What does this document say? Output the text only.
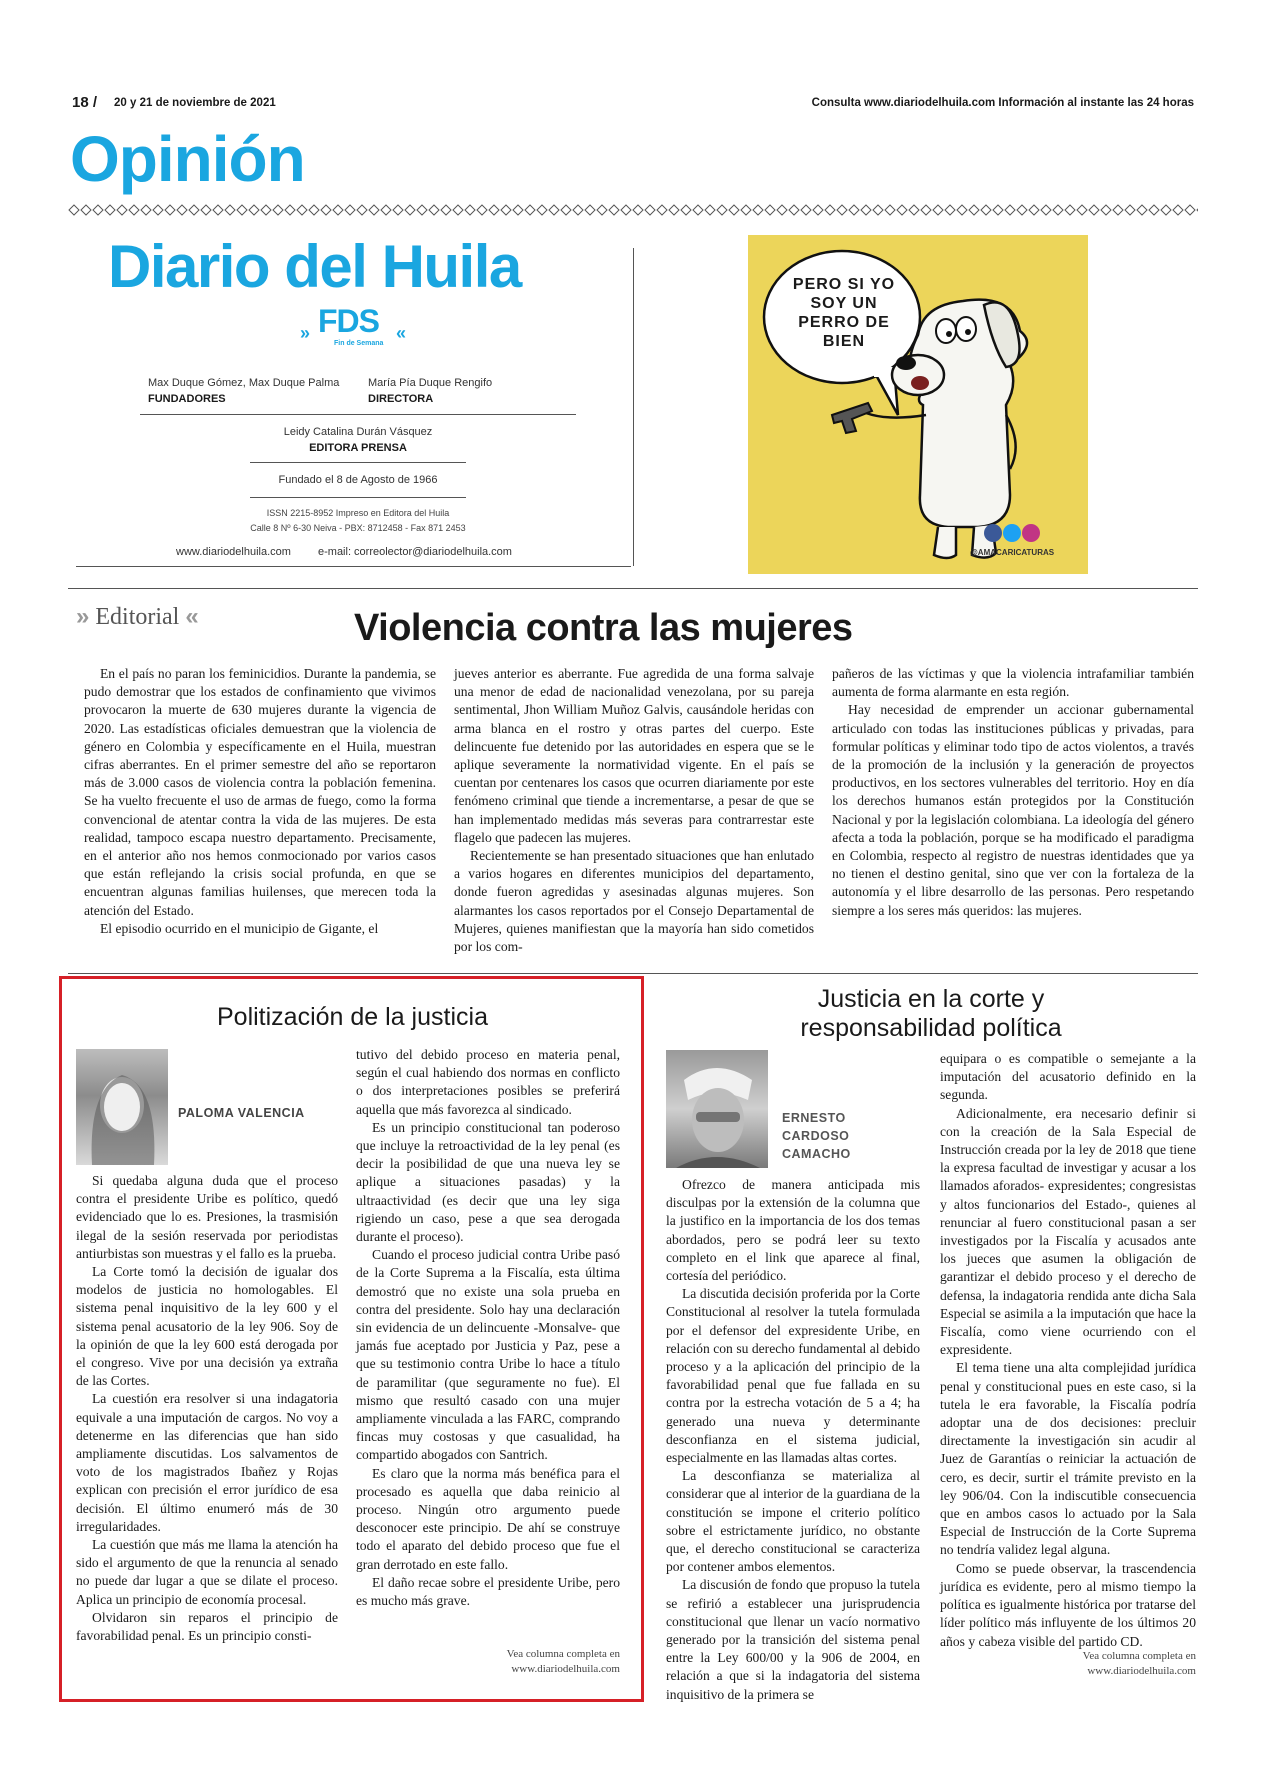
18 / 20 y 21 de noviembre de 2021	Consulta www.diariodelhuila.com Información al instante las 24 horas
Opinión
Diario del Huila
» FDS
Fin de Semana
«
Max Duque Gómez, Max Duque Palma
FUNDADORES
María Pía Duque Rengifo
DIRECTORA
Leidy Catalina Durán Vásquez
EDITORA PRENSA
Fundado el 8 de Agosto de 1966
ISSN 2215-8952 Impreso en Editora del Huila
Calle 8 Nº 6-30 Neiva - PBX: 8712458 - Fax 871 2453
www.diariodelhuila.com e-mail: correolector@diariodelhuila.com
PERO SI YO SOY UN PERRO DE BIEN
@AMACARICATURAS
» Editorial «	Violencia contra las mujeres

En el país no paran los feminicidios. Durante la pandemia, se pudo demostrar que los estados de confinamiento que vivimos provocaron la muerte de 630 mujeres durante la vigencia de 2020. Las estadísticas oficiales demuestran que la violencia de género en Colombia y específicamente en el Huila, muestran cifras aberrantes. En el primer semestre del año se reportaron más de 3.000 casos de violencia contra la población femenina. Se ha vuelto frecuente el uso de armas de fuego, como la forma convencional de atentar contra la vida de las mujeres. De esta realidad, tampoco escapa nuestro departamento. Precisamente, en el anterior año nos hemos conmocionado por varios casos que están reflejando la crisis social profunda, en que se encuentran algunas familias huilenses, que merecen toda la atención del Estado.

El episodio ocurrido en el municipio de Gigante, el

jueves anterior es aberrante. Fue agredida de una forma salvaje una menor de edad de nacionalidad venezolana, por su pareja sentimental, Jhon William Muñoz Galvis, causándole heridas con arma blanca en el rostro y otras partes del cuerpo. Este delincuente fue detenido por las autoridades en espera que se le aplique severamente la normatividad vigente. En el país se cuentan por centenares los casos que ocurren diariamente por este fenómeno criminal que tiende a incrementarse, a pesar de que se han implementado medidas más severas para contrarrestar este flagelo que padecen las mujeres.

Recientemente se han presentado situaciones que han enlutado a varios hogares en diferentes municipios del departamento, donde fueron agredidas y asesinadas algunas mujeres. Son alarmantes los casos reportados por el Consejo Departamental de Mujeres, quienes manifiestan que la mayoría han sido cometidos por los com-

pañeros de las víctimas y que la violencia intrafamiliar también aumenta de forma alarmante en esta región.

Hay necesidad de emprender un accionar gubernamental articulado con todas las instituciones públicas y privadas, para formular políticas y eliminar todo tipo de actos violentos, a través de la promoción de la inclusión y la generación de proyectos productivos, en los sectores vulnerables del territorio. Hoy en día los derechos humanos están protegidos por la Constitución Nacional y por la legislación colombiana. La ideología del género afecta a toda la población, porque se ha modificado el paradigma en Colombia, respecto al registro de nuestras identidades que ya no tienen el destino genital, sino que ver con la fortaleza de la autonomía y el libre desarrollo de las personas. Pero respetando siempre a los seres más queridos: las mujeres.

Politización de la justicia
PALOMA VALENCIA

Si quedaba alguna duda que el proceso contra el presidente Uribe es político, quedó evidenciado que lo es. Presiones, la trasmisión ilegal de la sesión reservada por periodistas antiurbistas son muestras y el fallo es la prueba.

La Corte tomó la decisión de igualar dos modelos de justicia no homologables. El sistema penal inquisitivo de la ley 600 y el sistema penal acusatorio de la ley 906. Soy de la opinión de que la ley 600 está derogada por el congreso. Vive por una decisión ya extraña de las Cortes.

La cuestión era resolver si una indagatoria equivale a una imputación de cargos. No voy a detenerme en las diferencias que han sido ampliamente discutidas. Los salvamentos de voto de los magistrados Ibañez y Rojas explican con precisión el error jurídico de esa decisión. El último enumeró más de 30 irregularidades.

La cuestión que más me llama la atención ha sido el argumento de que la renuncia al senado no puede dar lugar a que se dilate el proceso. Aplica un principio de economía procesal.

Olvidaron sin reparos el principio de favorabilidad penal. Es un principio consti-

tutivo del debido proceso en materia penal, según el cual habiendo dos normas en conflicto o dos interpretaciones posibles se preferirá aquella que más favorezca al sindicado.

Es un principio constitucional tan poderoso que incluye la retroactividad de la ley penal (es decir la posibilidad de que una nueva ley se aplique a situaciones pasadas) y la ultraactividad (es decir que una ley siga rigiendo un caso, pese a que sea derogada durante el proceso).

Cuando el proceso judicial contra Uribe pasó de la Corte Suprema a la Fiscalía, esta última demostró que no existe una sola prueba en contra del presidente. Solo hay una declaración sin evidencia de un delincuente -Monsalve- que jamás fue aceptado por Justicia y Paz, pese a que su testimonio contra Uribe lo hace a título de paramilitar (que seguramente no fue). El mismo que resultó casado con una mujer ampliamente vinculada a las FARC, comprando fincas muy costosas y que casualidad, ha compartido abogados con Santrich.

Es claro que la norma más benéfica para el procesado es aquella que daba reinicio al proceso. Ningún otro argumento puede desconocer este principio. De ahí se construye todo el aparato del debido proceso que fue el gran derrotado en este fallo.

El daño recae sobre el presidente Uribe, pero es mucho más grave.

Vea columna completa en
www.diariodelhuila.com
Justicia en la corte y
responsabilidad política
ERNESTO
CARDOSO
CAMACHO

Ofrezco de manera anticipada mis disculpas por la extensión de la columna que la justifico en la importancia de los dos temas abordados, pero se podrá leer su texto completo en el link que aparece al final, cortesía del periódico.

La discutida decisión proferida por la Corte Constitucional al resolver la tutela formulada por el defensor del expresidente Uribe, en relación con su derecho fundamental al debido proceso y a la aplicación del principio de la favorabilidad penal que fue fallada en su contra por la estrecha votación de 5 a 4; ha generado una nueva y determinante desconfianza en el sistema judicial, especialmente en las llamadas altas cortes.

La desconfianza se materializa al considerar que al interior de la guardiana de la constitución se impone el criterio político sobre el estrictamente jurídico, no obstante que, el derecho constitucional se caracteriza por contener ambos elementos.

La discusión de fondo que propuso la tutela se refirió a establecer una jurisprudencia constitucional que llenar un vacío normativo generado por la transición del sistema penal entre la Ley 600/00 y la 906 de 2004, en relación a que si la indagatoria del sistema inquisitivo de la primera se

equipara o es compatible o semejante a la imputación del acusatorio definido en la segunda.

Adicionalmente, era necesario definir si con la creación de la Sala Especial de Instrucción creada por la ley de 2018 que tiene la expresa facultad de investigar y acusar a los llamados aforados- expresidentes; congresistas y altos funcionarios del Estado-, quienes al renunciar al fuero constitucional pasan a ser investigados por la Fiscalía y acusados ante los jueces que asumen la obligación de garantizar el debido proceso y el derecho de defensa, la indagatoria rendida ante dicha Sala Especial se asimila a la imputación que hace la Fiscalía, como viene ocurriendo con el expresidente.

El tema tiene una alta complejidad jurídica penal y constitucional pues en este caso, si la tutela le era favorable, la Fiscalía podría adoptar una de dos decisiones: precluir directamente la investigación sin acudir al Juez de Garantías o reiniciar la actuación de cero, es decir, surtir el trámite previsto en la ley 906/04. Con la indiscutible consecuencia que en ambos casos lo actuado por la Sala Especial de Instrucción de la Corte Suprema no tendría validez legal alguna.

Como se puede observar, la trascendencia jurídica es evidente, pero al mismo tiempo la política es igualmente histórica por tratarse del líder político más influyente de los últimos 20 años y cabeza visible del partido CD.

Vea columna completa en
www.diariodelhuila.com
